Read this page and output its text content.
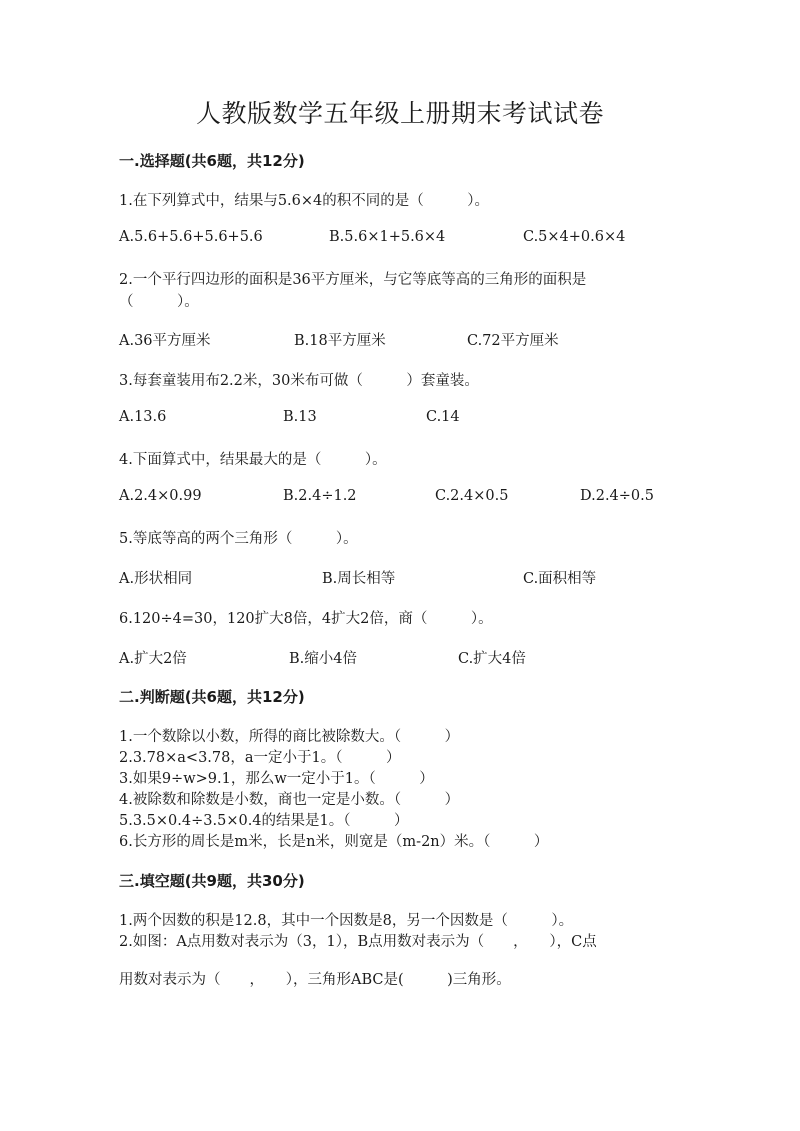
人教版数学五年级上册期末考试试卷
一.选择题(共6题，共12分)
1.在下列算式中，结果与5.6×4的积不同的是（　　　）。
A.5.6+5.6+5.6+5.6	B.5.6×1+5.6×4	C.5×4+0.6×4
2.一个平行四边形的面积是36平方厘米，与它等底等高的三角形的面积是
（　　　）。
A.36平方厘米	B.18平方厘米	C.72平方厘米
3.每套童装用布2.2米，30米布可做（　　　）套童装。
A.13.6	B.13	C.14
4.下面算式中，结果最大的是（　　　）。
A.2.4×0.99	B.2.4÷1.2	C.2.4×0.5	D.2.4÷0.5
5.等底等高的两个三角形（　　　）。
A.形状相同	B.周长相等	C.面积相等
6.120÷4=30，120扩大8倍，4扩大2倍，商（　　　）。
A.扩大2倍	B.缩小4倍	C.扩大4倍
二.判断题(共6题，共12分)
1.一个数除以小数，所得的商比被除数大。（　　　）
2.3.78×a<3.78，a一定小于1。（　　　）
3.如果9÷w>9.1，那么w一定小于1。（　　　）
4.被除数和除数是小数，商也一定是小数。（　　　）
5.3.5×0.4÷3.5×0.4的结果是1。（　　　）
6.长方形的周长是m米，长是n米，则宽是（m-2n）米。（　　　）
三.填空题(共9题，共30分)
1.两个因数的积是12.8，其中一个因数是8，另一个因数是（　　　）。
2.如图：A点用数对表示为（3，1），B点用数对表示为（　　，　　），C点
用数对表示为（　　，　　），三角形ABC是(　　　)三角形。
